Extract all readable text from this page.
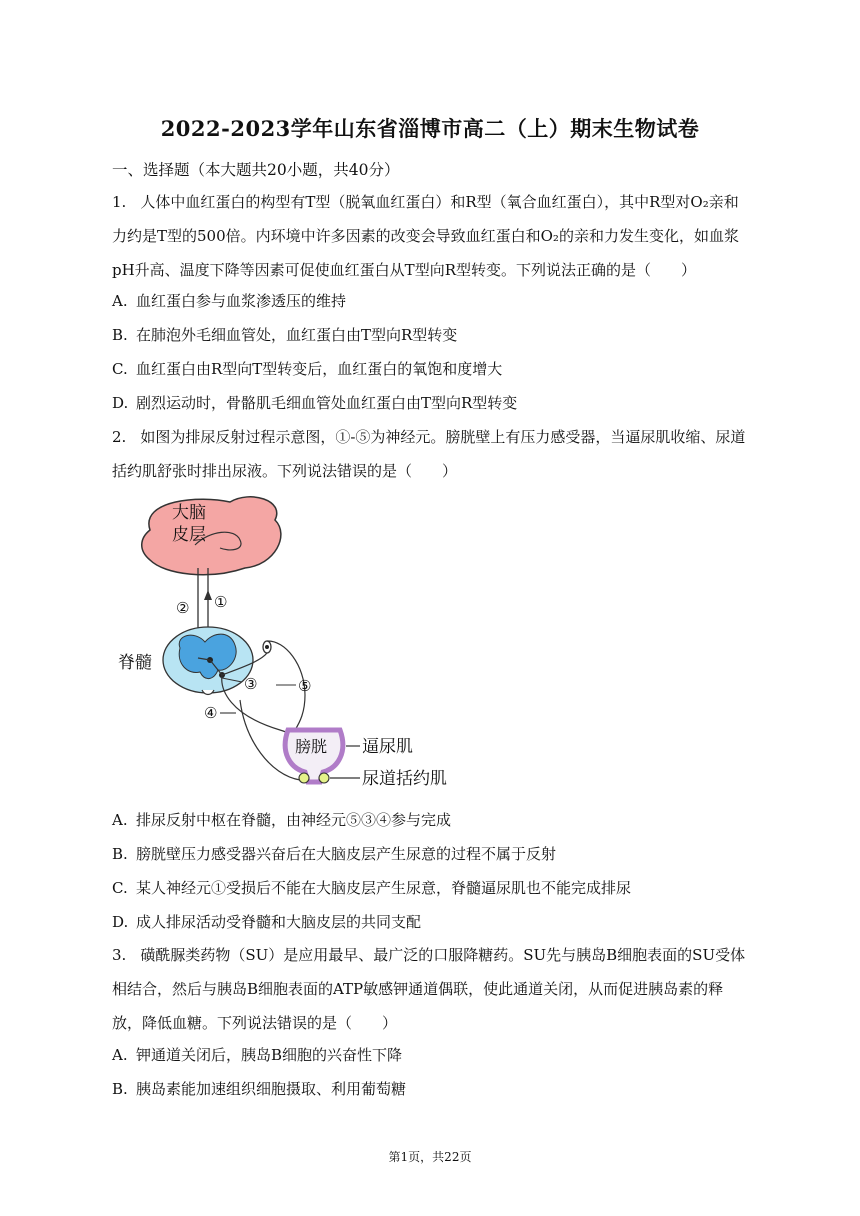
2022-2023学年山东省淄博市高二（上）期末生物试卷
一、选择题（本大题共20小题，共40分）
1. 人体中血红蛋白的构型有T型（脱氧血红蛋白）和R型（氧合血红蛋白），其中R型对O₂亲和力约是T型的500倍。内环境中许多因素的改变会导致血红蛋白和O₂的亲和力发生变化，如血浆pH升高、温度下降等因素可促使血红蛋白从T型向R型转变。下列说法正确的是（　　）
A. 血红蛋白参与血浆渗透压的维持
B. 在肺泡外毛细血管处，血红蛋白由T型向R型转变
C. 血红蛋白由R型向T型转变后，血红蛋白的氧饱和度增大
D. 剧烈运动时，骨骼肌毛细血管处血红蛋白由T型向R型转变
2. 如图为排尿反射过程示意图，①-⑤为神经元。膀胱壁上有压力感受器，当逼尿肌收缩、尿道括约肌舒张时排出尿液。下列说法错误的是（　　）
大脑
皮层
② ①
脊髓
⑤
③
④
膀胱 逼尿肌
尿道括约肌
A. 排尿反射中枢在脊髓，由神经元⑤③④参与完成
B. 膀胱壁压力感受器兴奋后在大脑皮层产生尿意的过程不属于反射
C. 某人神经元①受损后不能在大脑皮层产生尿意，脊髓逼尿肌也不能完成排尿
D. 成人排尿活动受脊髓和大脑皮层的共同支配
3. 磺酰脲类药物（SU）是应用最早、最广泛的口服降糖药。SU先与胰岛B细胞表面的SU受体相结合，然后与胰岛B细胞表面的ATP敏感钾通道偶联，使此通道关闭，从而促进胰岛素的释放，降低血糖。下列说法错误的是（　　）
A. 钾通道关闭后，胰岛B细胞的兴奋性下降
B. 胰岛素能加速组织细胞摄取、利用葡萄糖
第1页，共22页
